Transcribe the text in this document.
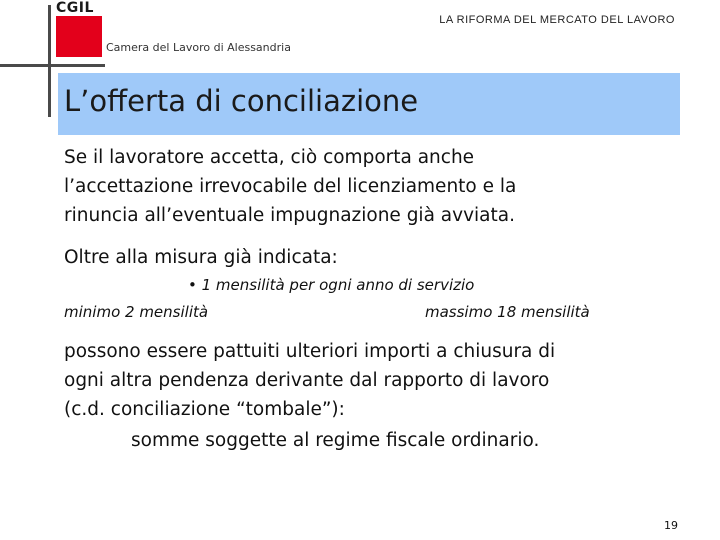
CGIL
Camera del Lavoro di Alessandria
LA RIFORMA DEL MERCATO DEL LAVORO
L’offerta di conciliazione
Se il lavoratore accetta, ciò comporta anche
l’accettazione irrevocabile del licenziamento e la
rinuncia all’eventuale impugnazione già avviata.
Oltre alla misura già indicata:
• 1 mensilità per ogni anno di servizio
minimo 2 mensilità	massimo 18 mensilità
possono essere pattuiti ulteriori importi a chiusura di
ogni altra pendenza derivante dal rapporto di lavoro
(c.d. conciliazione “tombale”):
somme soggette al regime fiscale ordinario.
19
